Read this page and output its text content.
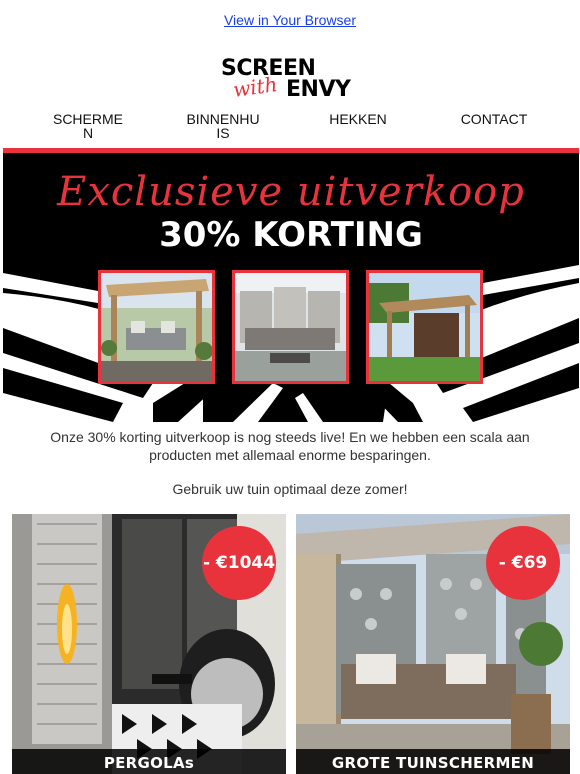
View in Your Browser
SCREEN
with ENVY
SCHERMEN
BINNENHUIS
HEKKEN	CONTACT
Exclusieve uitverkoop
30% KORTING
Onze 30% korting uitverkoop is nog steeds live! En we hebben een scala aan producten met allemaal enorme besparingen.
Gebruik uw tuin optimaal deze zomer!
- €1044
PERGOLAs
- €69
GROTE TUINSCHERMEN
